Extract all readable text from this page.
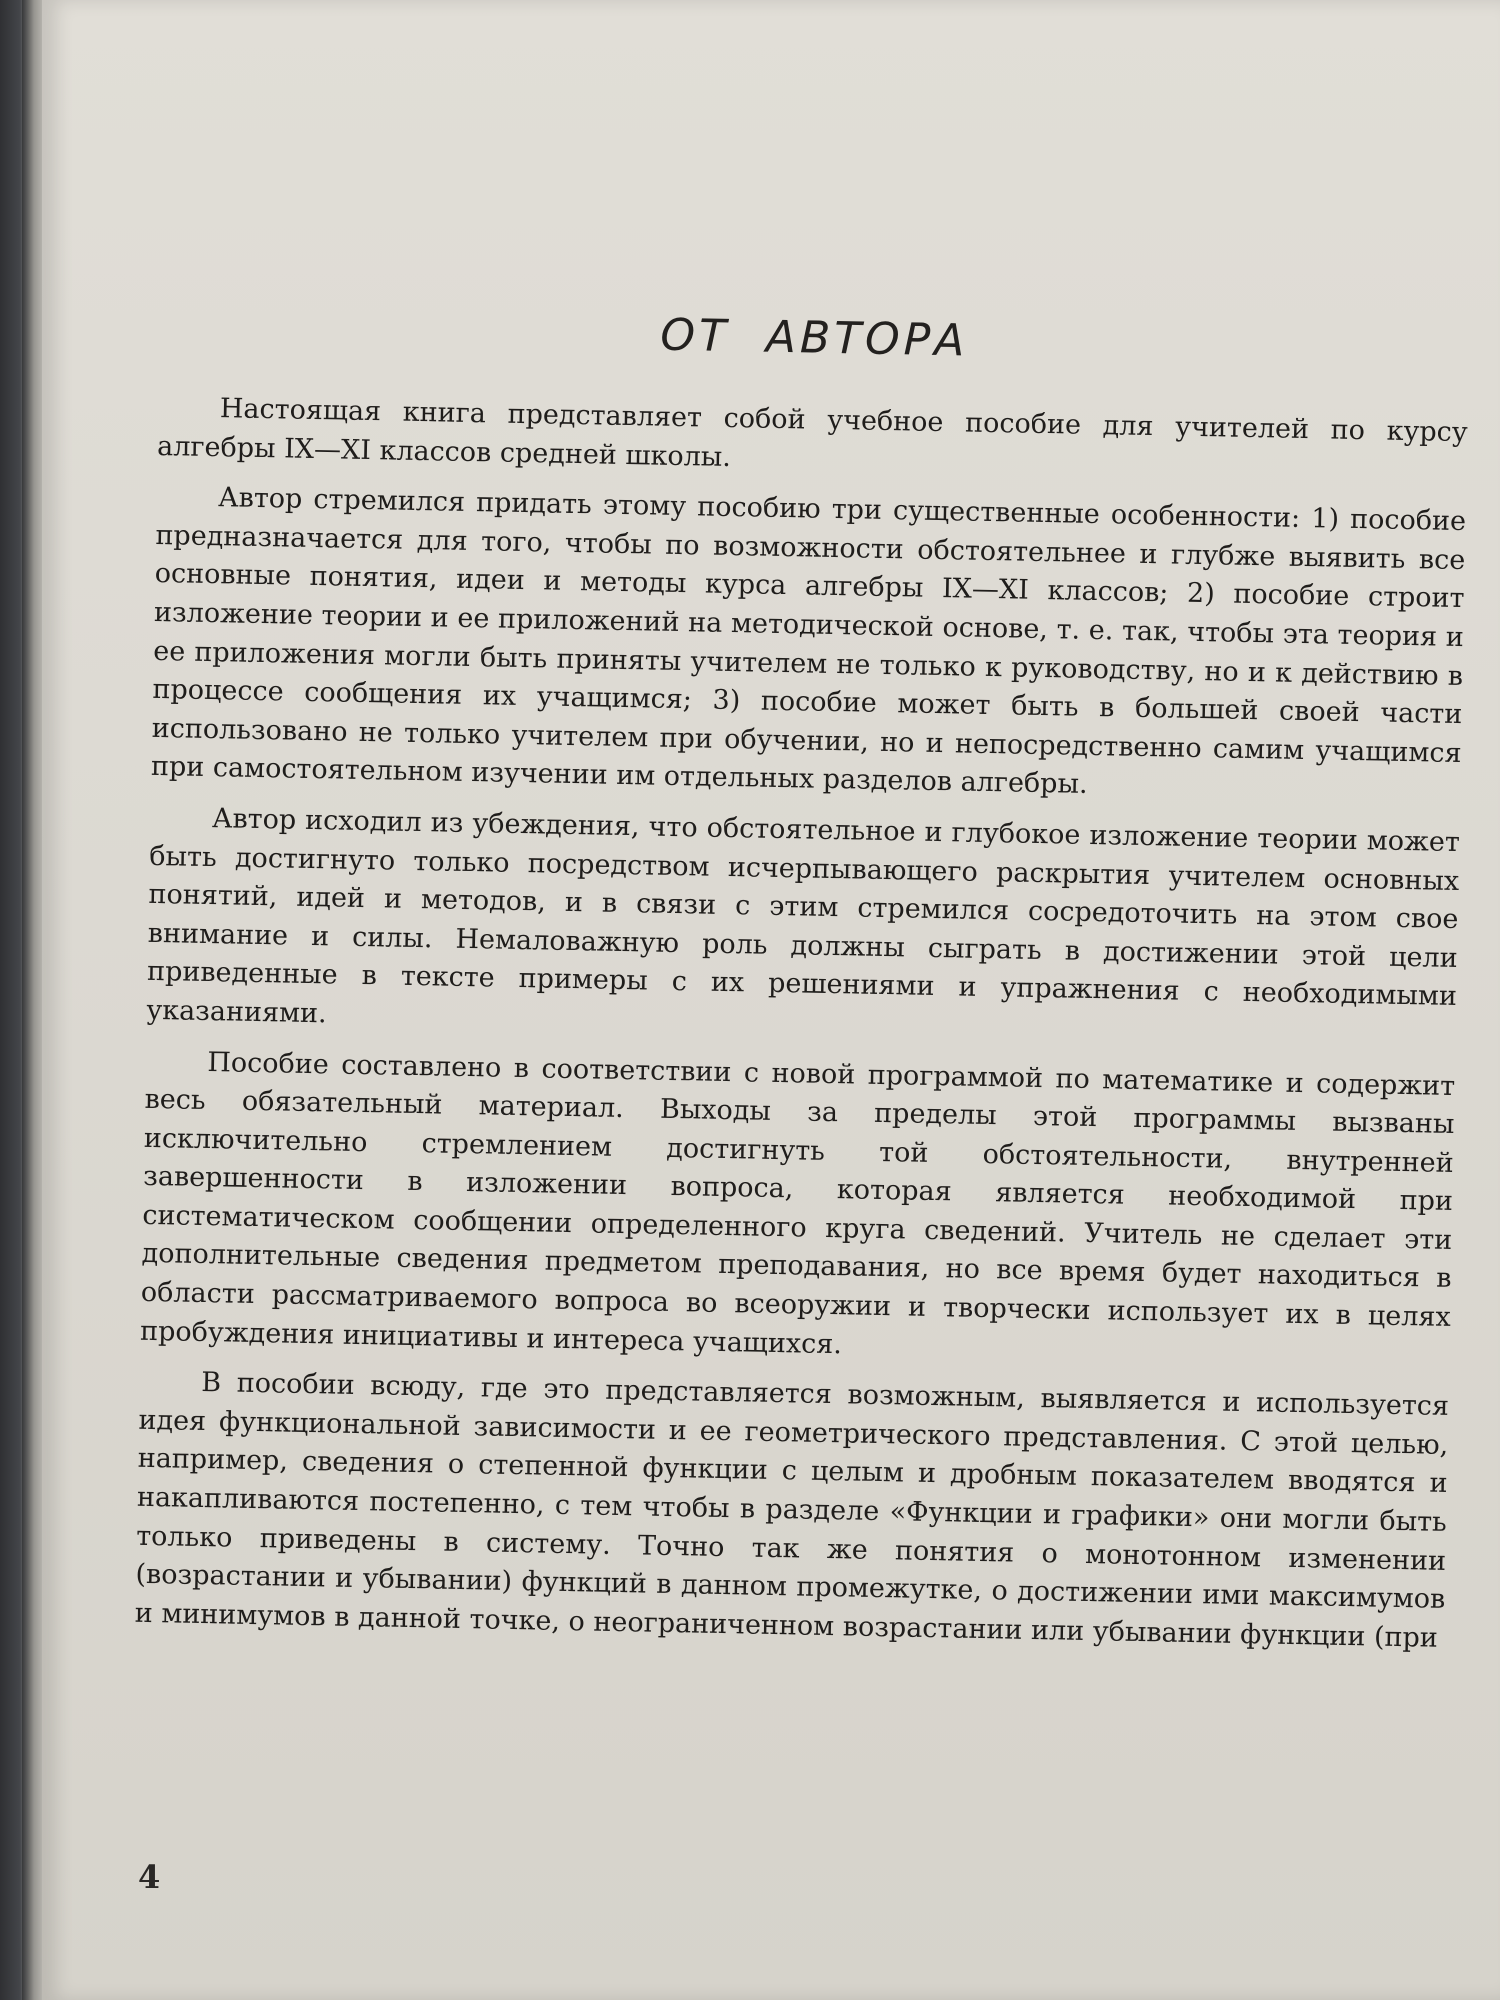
ОТ АВТОРА

Настоящая книга представляет собой учебное пособие для учителей по курсу алгебры IX—XI классов средней школы.

Автор стремился придать этому пособию три существенные особенности: 1) пособие предназначается для того, чтобы по возможности обстоятельнее и глубже выявить все основные понятия, идеи и методы курса алгебры IX—XI классов; 2) пособие строит изложение теории и ее приложений на методической основе, т. е. так, чтобы эта теория и ее приложения могли быть приняты учителем не только к руководству, но и к действию в процессе сообщения их учащимся; 3) пособие может быть в большей своей части использовано не только учителем при обучении, но и непосредственно самим учащимся при самостоятельном изучении им отдельных разделов алгебры.

Автор исходил из убеждения, что обстоятельное и глубокое изложение теории может быть достигнуто только посредством исчерпывающего раскрытия учителем основных понятий, идей и методов, и в связи с этим стремился сосредоточить на этом свое внимание и силы. Немаловажную роль должны сыграть в достижении этой цели приведенные в тексте примеры с их решениями и упражнения с необходимыми указаниями.

Пособие составлено в соответствии с новой программой по математике и содержит весь обязательный материал. Выходы за пределы этой программы вызваны исключительно стремлением достигнуть той обстоятельности, внутренней завершенности в изложении вопроса, которая является необходимой при систематическом сообщении определенного круга сведений. Учитель не сделает эти дополнительные сведения предметом преподавания, но все время будет находиться в области рассматриваемого вопроса во всеоружии и творчески использует их в целях пробуждения инициативы и интереса учащихся.

В пособии всюду, где это представляется возможным, выявляется и используется идея функциональной зависимости и ее геометрического представления. С этой целью, например, сведения о степенной функции с целым и дробным показателем вводятся и накапливаются постепенно, с тем чтобы в разделе «Функции и графики» они могли быть только приведены в систему. Точно так же понятия о монотонном изменении (возрастании и убывании) функций в данном промежутке, о достижении ими максимумов и минимумов в данной точке, о неограниченном возрастании или убывании функции (при

4
